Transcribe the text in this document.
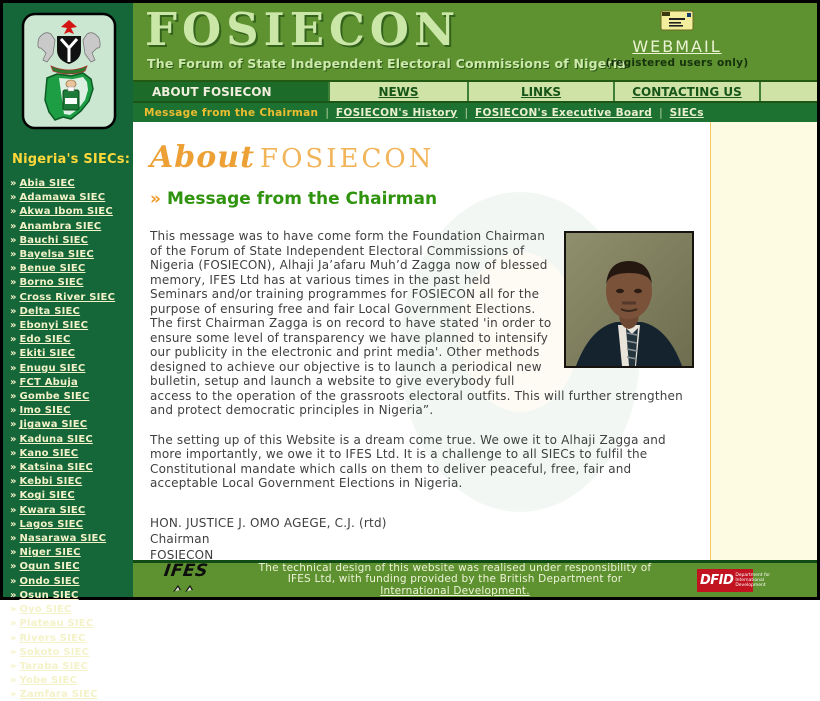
Nigeria's SIECs:
» Abia SIEC
» Adamawa SIEC
» Akwa Ibom SIEC
» Anambra SIEC
» Bauchi SIEC
» Bayelsa SIEC
» Benue SIEC
» Borno SIEC
» Cross River SIEC
» Delta SIEC
» Ebonyi SIEC
» Edo SIEC
» Ekiti SIEC
» Enugu SIEC
» FCT Abuja
» Gombe SIEC
» Imo SIEC
» Jigawa SIEC
» Kaduna SIEC
» Kano SIEC
» Katsina SIEC
» Kebbi SIEC
» Kogi SIEC
» Kwara SIEC
» Lagos SIEC
» Nasarawa SIEC
» Niger SIEC
» Ogun SIEC
» Ondo SIEC
» Osun SIEC
» Oyo SIEC
» Plateau SIEC
» Rivers SIEC
» Sokoto SIEC
» Taraba SIEC
» Yobe SIEC
» Zamfara SIEC
FOSIECON
The Forum of State Independent Electoral Commissions of Nigeria
WEBMAIL
(registered users only)
ABOUT FOSIECON	NEWS	LINKS	CONTACTING US
Message from the Chairman | FOSIECON's History | FOSIECON's Executive Board | SIECs
About FOSIECON
» Message from the Chairman

This message was to have come form the Foundation Chairman of the Forum of State Independent Electoral Commissions of Nigeria (FOSIECON), Alhaji Ja’afaru Muh’d Zagga now of blessed memory, IFES Ltd has at various times in the past held Seminars and/or training programmes for FOSIECON all for the purpose of ensuring free and fair Local Government Elections. The first Chairman Zagga is on record to have stated 'in order to ensure some level of transparency we have planned to intensify our publicity in the electronic and print media'. Other methods designed to achieve our objective is to launch a periodical new bulletin, setup and launch a website to give everybody full access to the operation of the grassroots electoral outfits. This will further strengthen and protect democratic principles in Nigeria”.

The setting up of this Website is a dream come true. We owe it to Alhaji Zagga and more importantly, we owe it to IFES Ltd. It is a challenge to all SIECs to fulfil the Constitutional mandate which calls on them to deliver peaceful, free, fair and acceptable Local Government Elections in Nigeria.

HON. JUSTICE J. OMO AGEGE, C.J. (rtd)
Chairman
FOSIECON
IFES	The technical design of this website was realised under responsibility of
IFES Ltd, with funding provided by the British Department for
International Development.
DFID Department for
International
Development
